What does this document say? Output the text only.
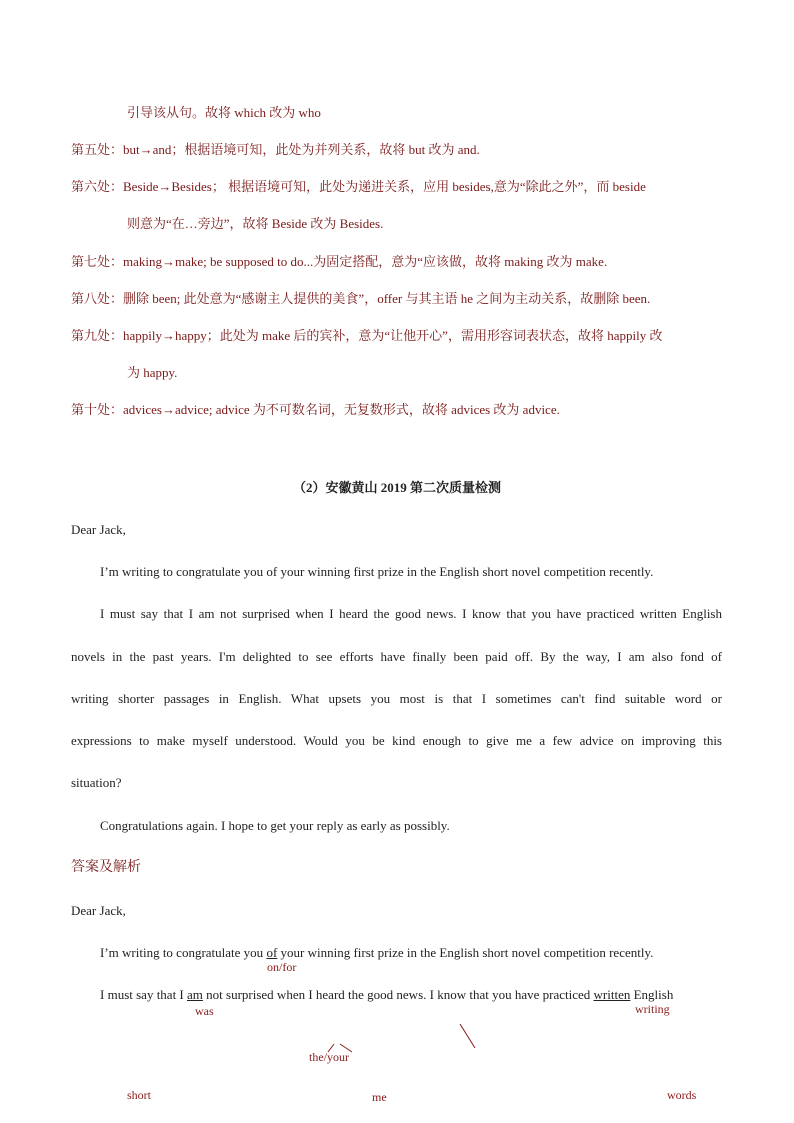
引导该从句。故将 which 改为 who
第五处：but→and；根据语境可知，此处为并列关系，故将 but 改为 and.
第六处：Beside→Besides； 根据语境可知，此处为递进关系，应用 besides,意为“除此之外”，而 beside
则意为“在…旁边”，故将 Beside 改为 Besides.
第七处：making→make; be supposed to do...为固定搭配，意为“应该做，故将 making 改为 make.
第八处：删除 been; 此处意为“感谢主人提供的美食”，offer 与其主语 he 之间为主动关系，故删除 been.
第九处：happily→happy；此处为 make 后的宾补，意为“让他开心”，需用形容词表状态，故将 happily 改
为 happy.
第十处：advices→advice; advice 为不可数名词，无复数形式，故将 advices 改为 advice.
（2）安徽黄山 2019 第二次质量检测
Dear Jack,
I’m writing to congratulate you of your winning first prize in the English short novel competition recently.
I must say that I am not surprised when I heard the good news. I know that you have practiced written English
novels in the past years. I'm delighted to see efforts have finally been paid off. By the way, I am also fond of
writing shorter passages in English. What upsets you most is that I sometimes can't find suitable word or
expressions to make myself understood. Would you be kind enough to give me a few advice on improving this
situation?
Congratulations again. I hope to get your reply as early as possibly.
答案及解析
Dear Jack,
I’m writing to congratulate you of your winning first prize in the English short novel competition recently.
on/for
I must say that I am not surprised when I heard the good news. I know that you have practiced written English
was	writing
the/your
short	me	words
